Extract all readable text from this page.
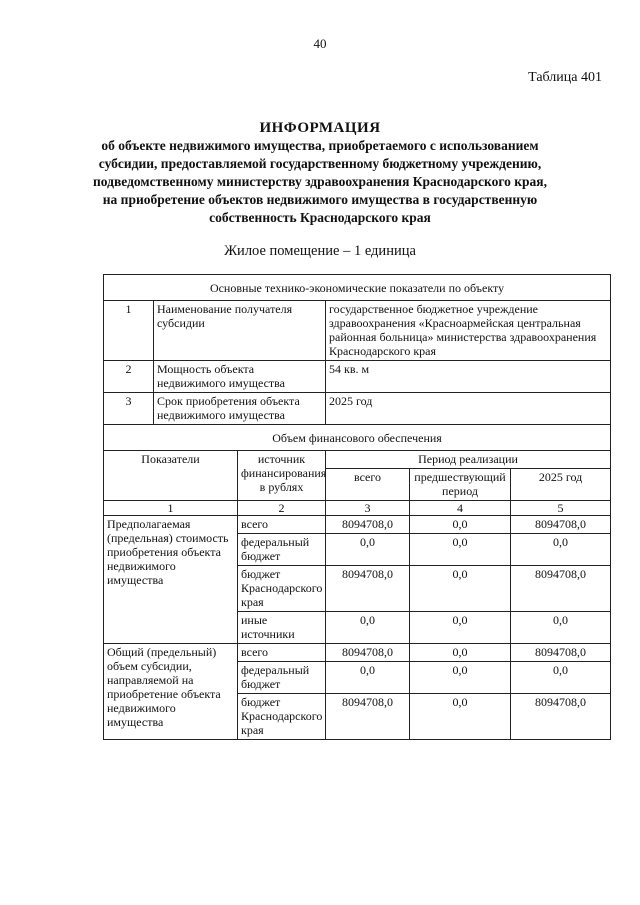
40
Таблица 401
ИНФОРМАЦИЯ
об объекте недвижимого имущества, приобретаемого с использованием
субсидии, предоставляемой государственному бюджетному учреждению,
подведомственному министерству здравоохранения Краснодарского края,
на приобретение объектов недвижимого имущества в государственную
собственность Краснодарского края
Жилое помещение – 1 единица
Основные технико-экономические показатели по объекту					
1	Наименование получателя субсидии		государственное бюджетное учреждение здравоохранения «Красноармейская центральная районная больница» министерства здравоохранения Краснодарского края		
2	Мощность объекта недвижимого имущества		54 кв. м		
3	Срок приобретения объекта недвижимого имущества		2025 год		
Объем финансового обеспечения					
Показатели		источник финансирования в рублях	Период реализации		
			всего	предшествующий период	2025 год
1		2	3	4	5
Предполагаемая (предельная) стоимость приобретения объекта недвижимого имущества		всего	8094708,0	0,0	8094708,0
		федеральный бюджет	0,0	0,0	0,0
		бюджет Краснодарского края	8094708,0	0,0	8094708,0
		иные источники	0,0	0,0	0,0
Общий (предельный) объем субсидии, направляемой на приобретение объекта недвижимого имущества		всего	8094708,0	0,0	8094708,0
		федеральный бюджет	0,0	0,0	0,0
		бюджет Краснодарского края	8094708,0	0,0	8094708,0
